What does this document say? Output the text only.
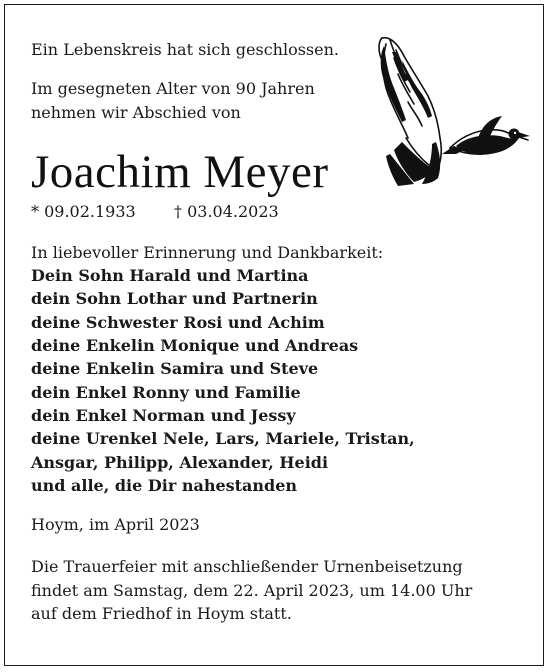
Ein Lebenskreis hat sich geschlossen.
Im gesegneten Alter von 90 Jahren
nehmen wir Abschied von
Joachim Meyer
* 09.02.1933	† 03.04.2023
In liebevoller Erinnerung und Dankbarkeit:
Dein Sohn Harald und Martina
dein Sohn Lothar und Partnerin
deine Schwester Rosi und Achim
deine Enkelin Monique und Andreas
deine Enkelin Samira und Steve
dein Enkel Ronny und Familie
dein Enkel Norman und Jessy
deine Urenkel Nele, Lars, Mariele, Tristan,
Ansgar, Philipp, Alexander, Heidi
und alle, die Dir nahestanden
Hoym, im April 2023
Die Trauerfeier mit anschließender Urnenbeisetzung
findet am Samstag, dem 22. April 2023, um 14.00 Uhr
auf dem Friedhof in Hoym statt.
